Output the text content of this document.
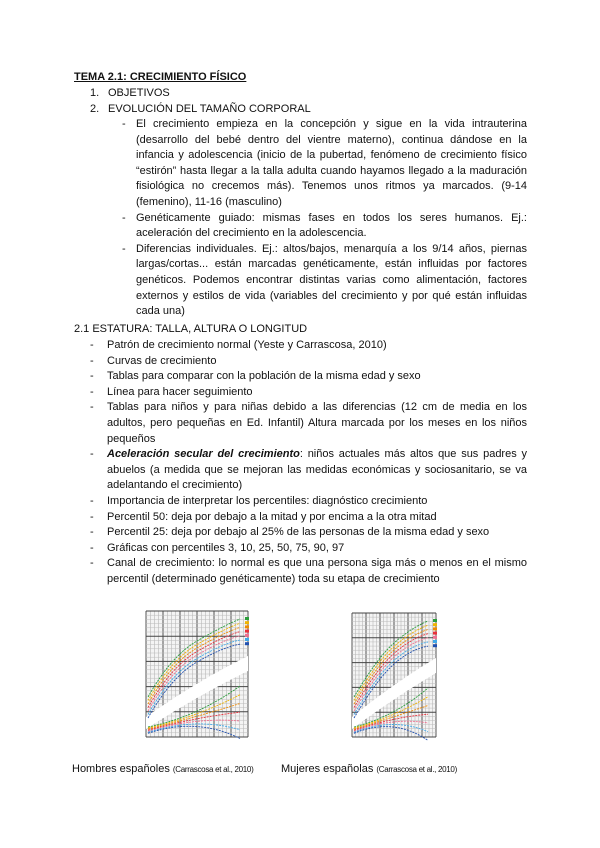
TEMA 2.1: CRECIMIENTO FÍSICO
1. OBJETIVOS
2. EVOLUCIÓN DEL TAMAÑO CORPORAL
- El crecimiento empieza en la concepción y sigue en la vida intrauterina (desarrollo del bebé dentro del vientre materno), continua dándose en la infancia y adolescencia (inicio de la pubertad, fenómeno de crecimiento físico “estirón” hasta llegar a la talla adulta cuando hayamos llegado a la maduración fisiológica no crecemos más). Tenemos unos ritmos ya marcados. (9-14 (femenino), 11-16 (masculino)
- Genéticamente guiado: mismas fases en todos los seres humanos. Ej.: aceleración del crecimiento en la adolescencia.
- Diferencias individuales. Ej.: altos/bajos, menarquía a los 9/14 años, piernas largas/cortas... están marcadas genéticamente, están influidas por factores genéticos. Podemos encontrar distintas varias como alimentación, factores externos y estilos de vida (variables del crecimiento y por qué están influidas cada una)
2.1 ESTATURA: TALLA, ALTURA O LONGITUD
- Patrón de crecimiento normal (Yeste y Carrascosa, 2010)
- Curvas de crecimiento
- Tablas para comparar con la población de la misma edad y sexo
- Línea para hacer seguimiento
- Tablas para niños y para niñas debido a las diferencias (12 cm de media en los adultos, pero pequeñas en Ed. Infantil) Altura marcada por los meses en los niños pequeños
- Aceleración secular del crecimiento: niños actuales más altos que sus padres y abuelos (a medida que se mejoran las medidas económicas y sociosanitario, se va adelantando el crecimiento)
- Importancia de interpretar los percentiles: diagnóstico crecimiento
- Percentil 50: deja por debajo a la mitad y por encima a la otra mitad
- Percentil 25: deja por debajo al 25% de las personas de la misma edad y sexo
- Gráficas con percentiles 3, 10, 25, 50, 75, 90, 97
- Canal de crecimiento: lo normal es que una persona siga más o menos en el mismo percentil (determinado genéticamente) toda su etapa de crecimiento
Hombres españoles (Carrascosa et al., 2010)	Mujeres españolas (Carrascosa et al., 2010)
